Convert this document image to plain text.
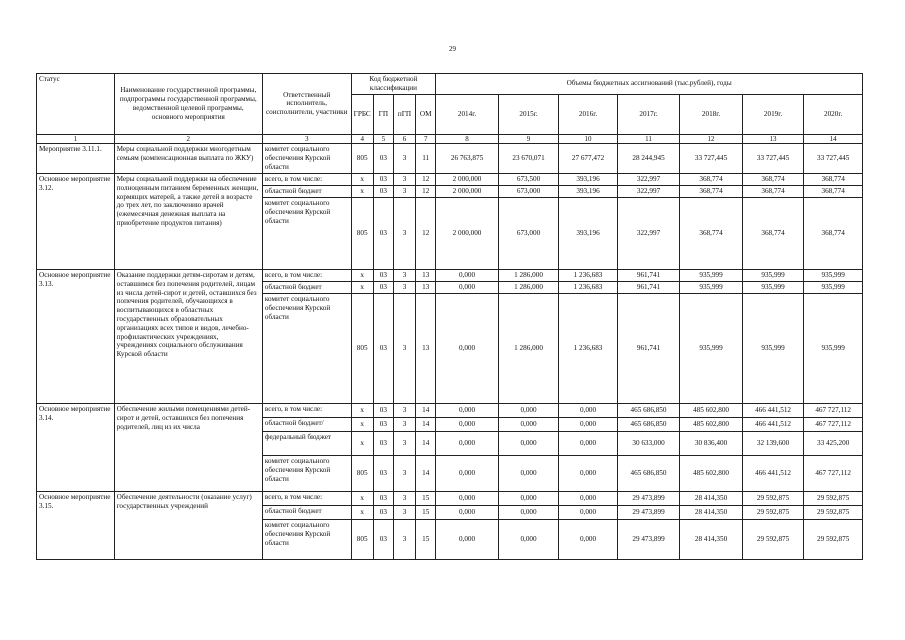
29
Статус	Наименование государственной программы, подпрограммы государственной программы, ведомственной целевой программы, основного мероприятия	Ответственный исполнитель, соисполнители, участники	Код бюджетной классификации				Объемы бюджетных ассигнований (тыс.рублей), годы						
			ГРБС	ГП	пГП	ОМ	2014г.	2015г.	2016г.	2017г.	2018г.	2019г.	2020г.
1	2	3	4	5	6	7	8	9	10	11	12	13	14
Мероприятие 3.11.1.	Меры социальной поддержки многодетным семьям (компенсационная выплата по ЖКУ)	комитет социального обеспечения Курской области	805	03	3	11	26 763,875	23 670,071	27 677,472	28 244,945	33 727,445	33 727,445	33 727,445
Основное мероприятие 3.12.	Меры социальной поддержки на обеспечение полноценным питанием беременных женщин, кормящих матерей, а также детей в возрасте до трех лет, по заключению врачей (ежемесячная денежная выплата на приобретение продуктов питания)	всего, в том числе:	x	03	3	12	2 000,000	673,500	393,196	322,997	368,774	368,774	368,774
		областной бюджет	x	03	3	12	2 000,000	673,000	393,196	322,997	368,774	368,774	368,774
		комитет социального обеспечения Курской области	805	03	3	12	2 000,000	673,000	393,196	322,997	368,774	368,774	368,774
Основное мероприятие 3.13.	Оказание поддержки детям-сиротам и детям, оставшимся без попечения родителей, лицам из числа детей-сирот и детей, оставшихся без попечения родителей, обучающихся в воспитывающихся в областных государственных образовательных организациях всех типов и видов, лечебно-профилактических учреждениях, учреждениях социального обслуживания Курской области	всего, в том числе:	x	03	3	13	0,000	1 286,000	1 236,683	961,741	935,999	935,999	935,999
		областной бюджет	x	03	3	13	0,000	1 286,000	1 236,683	961,741	935,999	935,999	935,999
		комитет социального обеспечения Курской области	805	03	3	13	0,000	1 286,000	1 236,683	961,741	935,999	935,999	935,999
Основное мероприятие 3.14.	Обеспечение жилыми помещениями детей-сирот и детей, оставшихся без попечения родителей, лиц из их числа	всего, в том числе:	x	03	3	14	0,000	0,000	0,000	465 686,850	485 602,800	466 441,512	467 727,112
		областной бюджет/	x	03	3	14	0,000	0,000	0,000	465 686,850	485 602,800	466 441,512	467 727,112
		федеральный бюджет	x	03	3	14	0,000	0,000	0,000	30 633,000	30 836,400	32 139,600	33 425,200
		комитет социального обеспечения Курской области	805	03	3	14	0,000	0,000	0,000	465 686,850	485 602,800	466 441,512	467 727,112
Основное мероприятие 3.15.	Обеспечение деятельности (оказание услуг) государственных учреждений	всего, в том числе:	x	03	3	15	0,000	0,000	0,000	29 473,899	28 414,350	29 592,875	29 592,875
		областной бюджет	x	03	3	15	0,000	0,000	0,000	29 473,899	28 414,350	29 592,875	29 592,875
		комитет социального обеспечения Курской области	805	03	3	15	0,000	0,000	0,000	29 473,899	28 414,350	29 592,875	29 592,875
